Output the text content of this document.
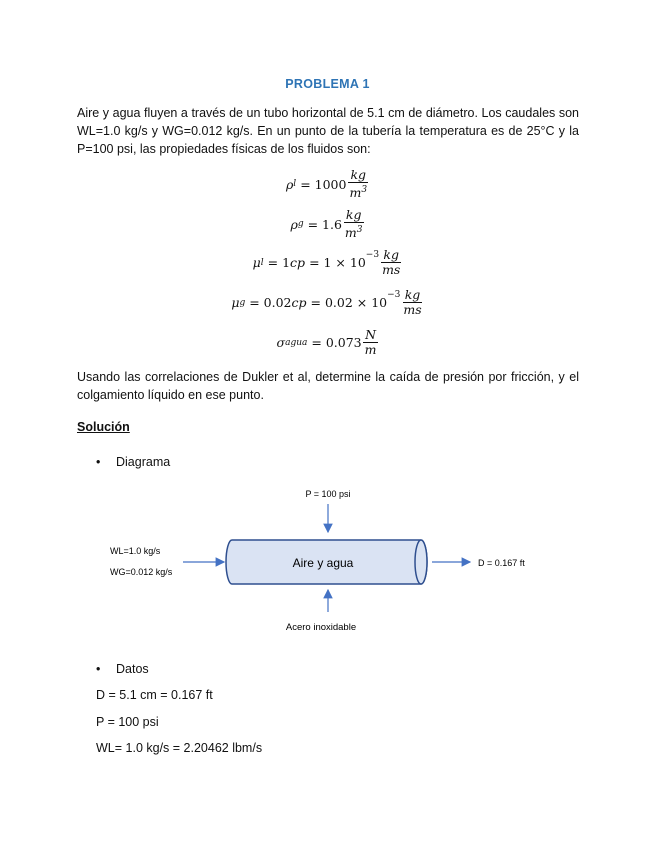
PROBLEMA 1
Aire y agua fluyen a través de un tubo horizontal de 5.1 cm de diámetro. Los caudales son WL=1.0 kg/s y WG=0.012 kg/s. En un punto de la tubería la temperatura es de 25°C y la P=100 psi, las propiedades físicas de los fluidos son:
ρ $l = 1000 \frac{kg}{m^3}$
ρ $g = 1.6 \frac{kg}{m^3}$
μ l = 1 cp = $1 \times 10^{-3} \frac{kg}{ms}$
μ g = 0.02 cp = $0.02 \times 10^{-3} \frac{kg}{ms}$
σ agua = $0.073 \frac{N}{m}$
Usando las correlaciones de Dukler et al, determine la caída de presión por fricción, y el colgamiento líquido en ese punto.
Solución
• Diagrama
P = 100 psi
WL=1.0 kg/s
WG=0.012 kg/s
Aire y agua	D = 0.167 ft
Acero inoxidable
• Datos
D = 5.1 cm = 0.167 ft
P = 100 psi
WL= 1.0 kg/s = 2.20462 lbm/s
